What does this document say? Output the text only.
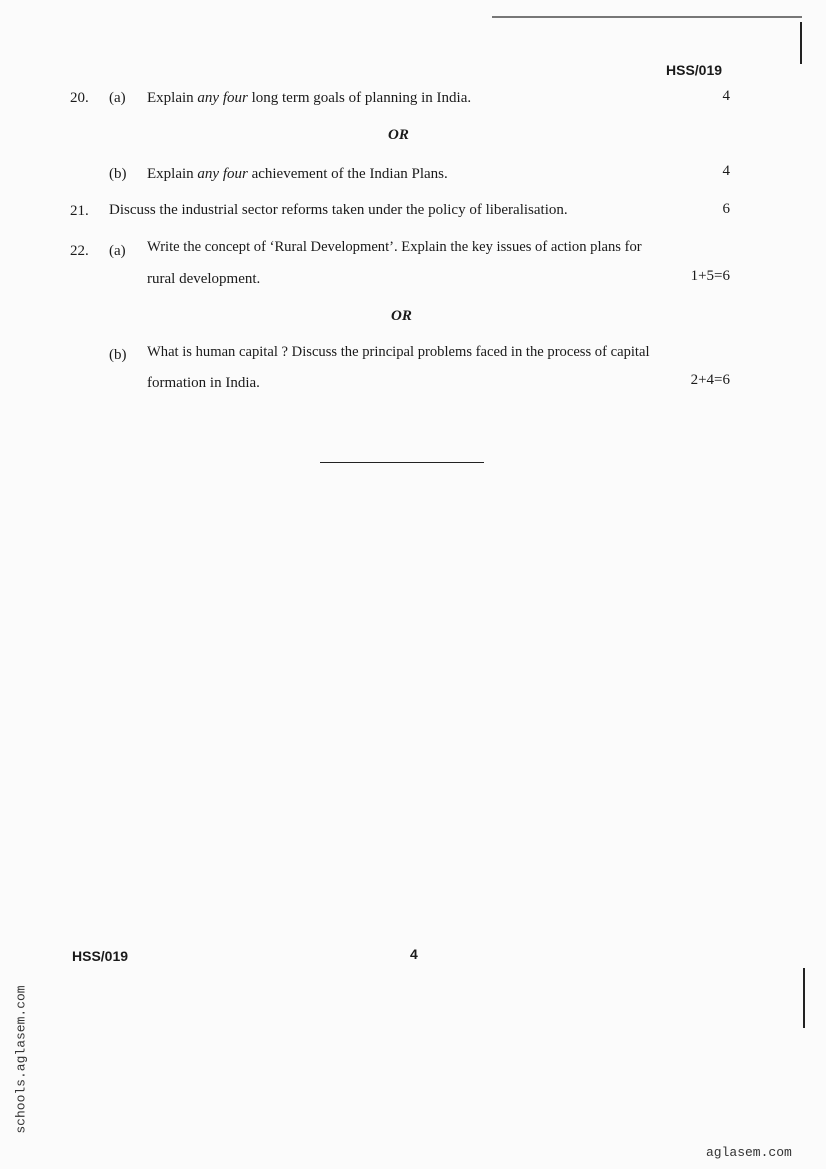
HSS/019
20. (a) Explain any four long term goals of planning in India.	4
OR
(b) Explain any four achievement of the Indian Plans.	4
21. Discuss the industrial sector reforms taken under the policy of liberalisation.	6
22. (a) Write the concept of ‘Rural Development’. Explain the key issues of action plans for
rural development.	1+5=6
OR
(b) What is human capital ? Discuss the principal problems faced in the process of capital
formation in India.	2+4=6
HSS/019	4
schools.aglasem.com
aglasem.com
